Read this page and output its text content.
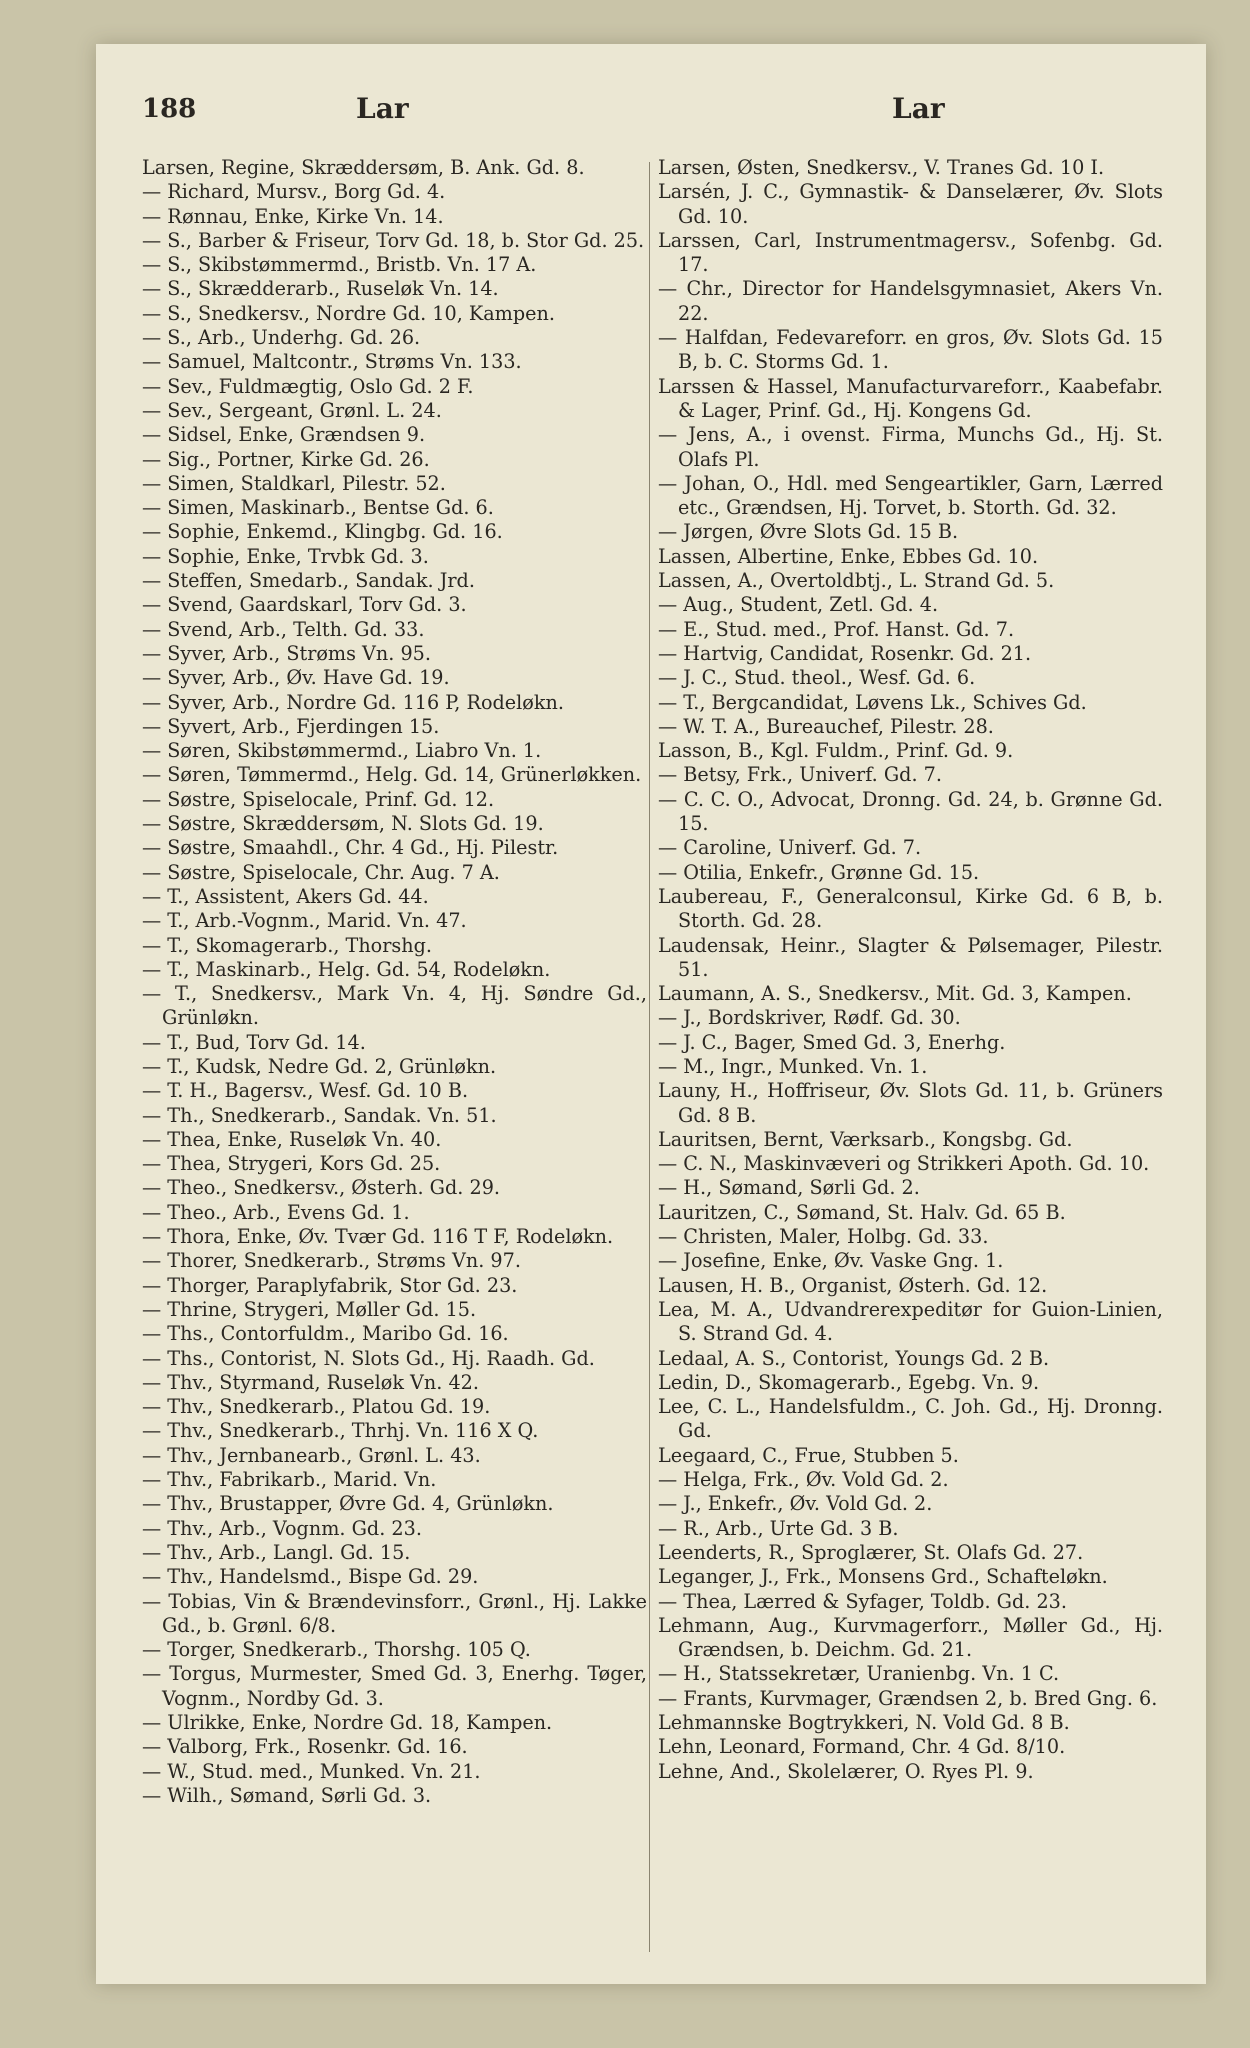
188	Lar	Lar
Larsen, Regine, Skræddersøm, B. Ank. Gd. 8.
— Richard, Mursv., Borg Gd. 4.
— Rønnau, Enke, Kirke Vn. 14.
— S., Barber & Friseur, Torv Gd. 18, b. Stor Gd. 25.
— S., Skibstømmermd., Bristb. Vn. 17 A.
— S., Skrædderarb., Ruseløk Vn. 14.
— S., Snedkersv., Nordre Gd. 10, Kampen.
— S., Arb., Underhg. Gd. 26.
— Samuel, Maltcontr., Strøms Vn. 133.
— Sev., Fuldmægtig, Oslo Gd. 2 F.
— Sev., Sergeant, Grønl. L. 24.
— Sidsel, Enke, Grændsen 9.
— Sig., Portner, Kirke Gd. 26.
— Simen, Staldkarl, Pilestr. 52.
— Simen, Maskinarb., Bentse Gd. 6.
— Sophie, Enkemd., Klingbg. Gd. 16.
— Sophie, Enke, Trvbk Gd. 3.
— Steffen, Smedarb., Sandak. Jrd.
— Svend, Gaardskarl, Torv Gd. 3.
— Svend, Arb., Telth. Gd. 33.
— Syver, Arb., Strøms Vn. 95.
— Syver, Arb., Øv. Have Gd. 19.
— Syver, Arb., Nordre Gd. 116 P, Rodeløkn.
— Syvert, Arb., Fjerdingen 15.
— Søren, Skibstømmermd., Liabro Vn. 1.
— Søren, Tømmermd., Helg. Gd. 14, Grünerløkken.
— Søstre, Spiselocale, Prinf. Gd. 12.
— Søstre, Skræddersøm, N. Slots Gd. 19.
— Søstre, Smaahdl., Chr. 4 Gd., Hj. Pilestr.
— Søstre, Spiselocale, Chr. Aug. 7 A.
— T., Assistent, Akers Gd. 44.
— T., Arb.-Vognm., Marid. Vn. 47.
— T., Skomagerarb., Thorshg.
— T., Maskinarb., Helg. Gd. 54, Rodeløkn.
— T., Snedkersv., Mark Vn. 4, Hj. Søndre Gd., Grünløkn.
— T., Bud, Torv Gd. 14.
— T., Kudsk, Nedre Gd. 2, Grünløkn.
— T. H., Bagersv., Wesf. Gd. 10 B.
— Th., Snedkerarb., Sandak. Vn. 51.
— Thea, Enke, Ruseløk Vn. 40.
— Thea, Strygeri, Kors Gd. 25.
— Theo., Snedkersv., Østerh. Gd. 29.
— Theo., Arb., Evens Gd. 1.
— Thora, Enke, Øv. Tvær Gd. 116 T F, Rodeløkn.
— Thorer, Snedkerarb., Strøms Vn. 97.
— Thorger, Paraplyfabrik, Stor Gd. 23.
— Thrine, Strygeri, Møller Gd. 15.
— Ths., Contorfuldm., Maribo Gd. 16.
— Ths., Contorist, N. Slots Gd., Hj. Raadh. Gd.
— Thv., Styrmand, Ruseløk Vn. 42.
— Thv., Snedkerarb., Platou Gd. 19.
— Thv., Snedkerarb., Thrhj. Vn. 116 X Q.
— Thv., Jernbanearb., Grønl. L. 43.
— Thv., Fabrikarb., Marid. Vn.
— Thv., Brustapper, Øvre Gd. 4, Grünløkn.
— Thv., Arb., Vognm. Gd. 23.
— Thv., Arb., Langl. Gd. 15.
— Thv., Handelsmd., Bispe Gd. 29.
— Tobias, Vin & Brændevinsforr., Grønl., Hj. Lakke Gd., b. Grønl. 6/8.
— Torger, Snedkerarb., Thorshg. 105 Q.
— Torgus, Murmester, Smed Gd. 3, Enerhg. Tøger, Vognm., Nordby Gd. 3.
— Ulrikke, Enke, Nordre Gd. 18, Kampen.
— Valborg, Frk., Rosenkr. Gd. 16.
— W., Stud. med., Munked. Vn. 21.
— Wilh., Sømand, Sørli Gd. 3.
Larsen, Østen, Snedkersv., V. Tranes Gd. 10 I.
Larsén, J. C., Gymnastik- & Danselærer, Øv. Slots Gd. 10.
Larssen, Carl, Instrumentmagersv., Sofenbg. Gd. 17.
— Chr., Director for Handelsgymnasiet, Akers Vn. 22.
— Halfdan, Fedevareforr. en gros, Øv. Slots Gd. 15 B, b. C. Storms Gd. 1.
Larssen & Hassel, Manufacturvareforr., Kaabefabr. & Lager, Prinf. Gd., Hj. Kongens Gd.
— Jens, A., i ovenst. Firma, Munchs Gd., Hj. St. Olafs Pl.
— Johan, O., Hdl. med Sengeartikler, Garn, Lærred etc., Grændsen, Hj. Torvet, b. Storth. Gd. 32.
— Jørgen, Øvre Slots Gd. 15 B.
Lassen, Albertine, Enke, Ebbes Gd. 10.
Lassen, A., Overtoldbtj., L. Strand Gd. 5.
— Aug., Student, Zetl. Gd. 4.
— E., Stud. med., Prof. Hanst. Gd. 7.
— Hartvig, Candidat, Rosenkr. Gd. 21.
— J. C., Stud. theol., Wesf. Gd. 6.
— T., Bergcandidat, Løvens Lk., Schives Gd.
— W. T. A., Bureauchef, Pilestr. 28.
Lasson, B., Kgl. Fuldm., Prinf. Gd. 9.
— Betsy, Frk., Univerf. Gd. 7.
— C. C. O., Advocat, Dronng. Gd. 24, b. Grønne Gd. 15.
— Caroline, Univerf. Gd. 7.
— Otilia, Enkefr., Grønne Gd. 15.
Laubereau, F., Generalconsul, Kirke Gd. 6 B, b. Storth. Gd. 28.
Laudensak, Heinr., Slagter & Pølsemager, Pilestr. 51.
Laumann, A. S., Snedkersv., Mit. Gd. 3, Kampen.
— J., Bordskriver, Rødf. Gd. 30.
— J. C., Bager, Smed Gd. 3, Enerhg.
— M., Ingr., Munked. Vn. 1.
Launy, H., Hoffriseur, Øv. Slots Gd. 11, b. Grüners Gd. 8 B.
Lauritsen, Bernt, Værksarb., Kongsbg. Gd.
— C. N., Maskinvæveri og Strikkeri Apoth. Gd. 10.
— H., Sømand, Sørli Gd. 2.
Lauritzen, C., Sømand, St. Halv. Gd. 65 B.
— Christen, Maler, Holbg. Gd. 33.
— Josefine, Enke, Øv. Vaske Gng. 1.
Lausen, H. B., Organist, Østerh. Gd. 12.
Lea, M. A., Udvandrerexpeditør for Guion-Linien, S. Strand Gd. 4.
Ledaal, A. S., Contorist, Youngs Gd. 2 B.
Ledin, D., Skomagerarb., Egebg. Vn. 9.
Lee, C. L., Handelsfuldm., C. Joh. Gd., Hj. Dronng. Gd.
Leegaard, C., Frue, Stubben 5.
— Helga, Frk., Øv. Vold Gd. 2.
— J., Enkefr., Øv. Vold Gd. 2.
— R., Arb., Urte Gd. 3 B.
Leenderts, R., Sproglærer, St. Olafs Gd. 27.
Leganger, J., Frk., Monsens Grd., Schafteløkn.
— Thea, Lærred & Syfager, Toldb. Gd. 23.
Lehmann, Aug., Kurvmagerforr., Møller Gd., Hj. Grændsen, b. Deichm. Gd. 21.
— H., Statssekretær, Uranienbg. Vn. 1 C.
— Frants, Kurvmager, Grændsen 2, b. Bred Gng. 6.
Lehmannske Bogtrykkeri, N. Vold Gd. 8 B.
Lehn, Leonard, Formand, Chr. 4 Gd. 8/10.
Lehne, And., Skolelærer, O. Ryes Pl. 9.
